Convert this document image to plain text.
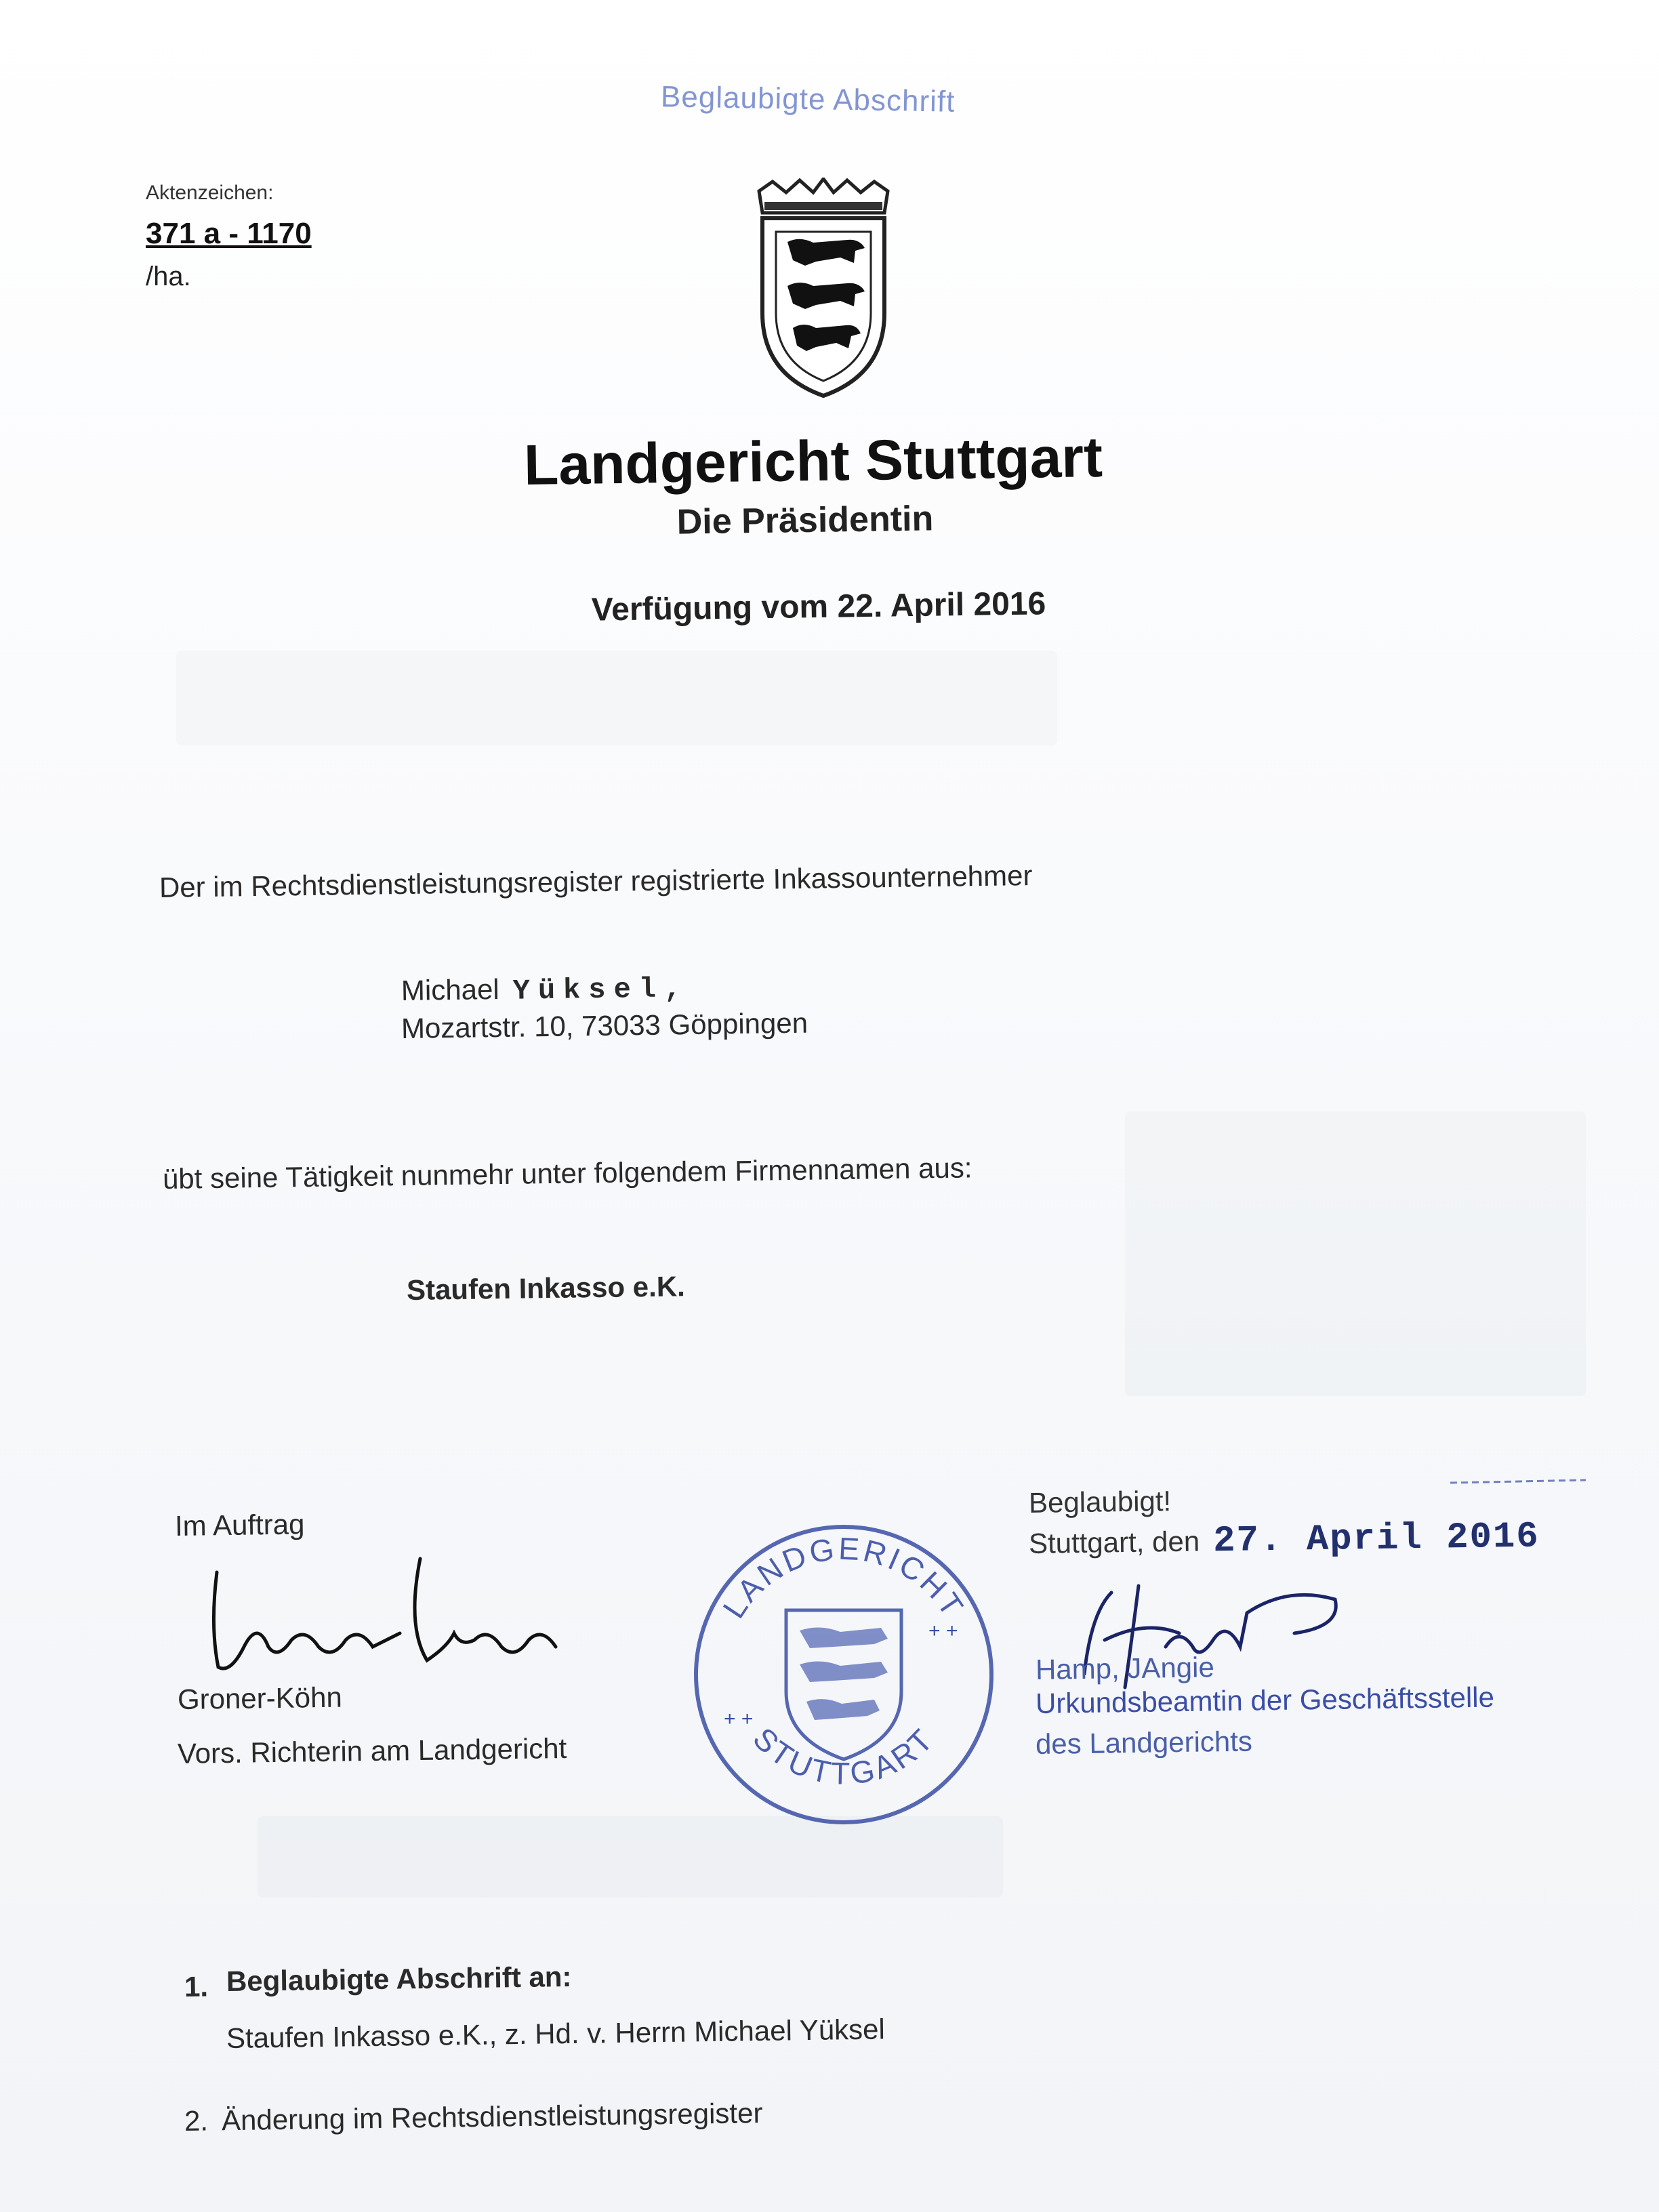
Beglaubigte Abschrift
Aktenzeichen:
371 a - 1170
/ha.
Landgericht Stuttgart
Die Präsidentin
Verfügung vom 22. April 2016
Der im Rechtsdienstleistungsregister registrierte Inkassounternehmer
Michael Yüksel,
Mozartstr. 10, 73033 Göppingen
übt seine Tätigkeit nunmehr unter folgendem Firmennamen aus:
Staufen Inkasso e.K.
Im Auftrag
Groner-Köhn
Vors. Richterin am Landgericht
LANDGERICHT
STUTTGART
+ +
+ +
Beglaubigt!
Stuttgart, den 27. April 2016
Hamp, JAngie
Urkundsbeamtin der Geschäftsstelle
des Landgerichts
1. Beglaubigte Abschrift an:
Staufen Inkasso e.K., z. Hd. v. Herrn Michael Yüksel
2. Änderung im Rechtsdienstleistungsregister
